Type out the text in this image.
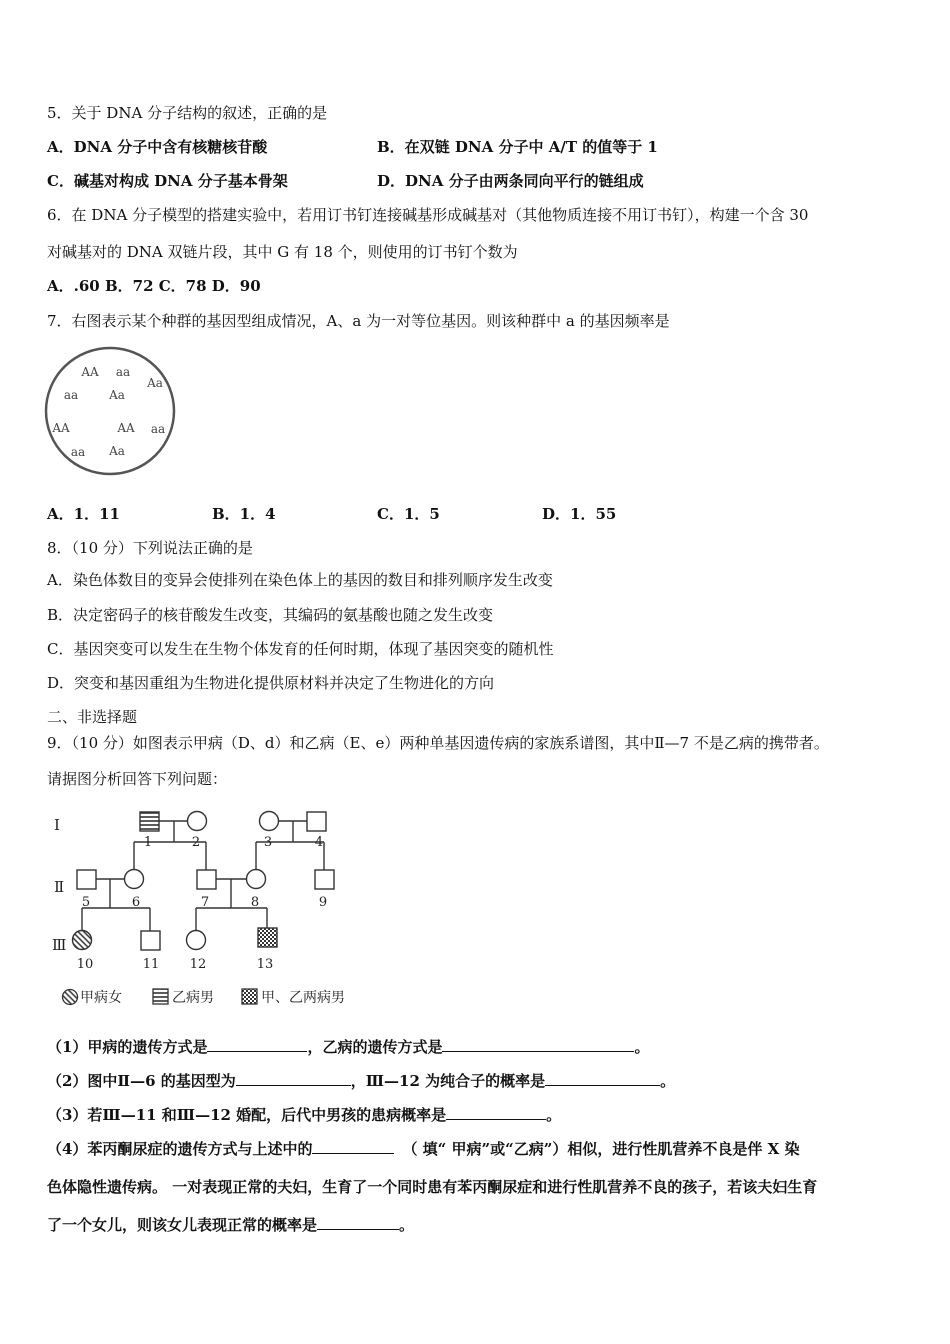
5．关于 DNA 分子结构的叙述，正确的是
A．DNA 分子中含有核糖核苷酸	B．在双链 DNA 分子中 A/T 的值等于 1
C．碱基对构成 DNA 分子基本骨架	D．DNA 分子由两条同向平行的链组成
6．在 DNA 分子模型的搭建实验中，若用订书钉连接碱基形成碱基对（其他物质连接不用订书钉），构建一个含 30
对碱基对的 DNA 双链片段，其中 G 有 18 个，则使用的订书钉个数为
A．.60 B．72 C．78 D．90
7．右图表示某个种群的基因型组成情况，A、a 为一对等位基因。则该种群中 a 的基因频率是
AA aa
Aa
aa	Aa
AA	AA aa
aa Aa
A．1．11	B．1．4	C．1．5	D．1．55
8．（10 分）下列说法正确的是
A．染色体数目的变异会使排列在染色体上的基因的数目和排列顺序发生改变
B．决定密码子的核苷酸发生改变，其编码的氨基酸也随之发生改变
C．基因突变可以发生在生物个体发育的任何时期，体现了基因突变的随机性
D．突变和基因重组为生物进化提供原材料并决定了生物进化的方向
二、非选择题
9．（10 分）如图表示甲病（D、d）和乙病（E、e）两种单基因遗传病的家族系谱图，其中Ⅱ—7 不是乙病的携带者。
请据图分析回答下列问题：
Ⅰ
Ⅱ
Ⅲ
1	2	3	4
5	6	7	8	9
10	11 12	13
甲病女	乙病男	甲、乙两病男
（1）甲病的遗传方式是	，乙病的遗传方式是	。
（2）图中Ⅱ—6 的基因型为	，Ⅲ—12 为纯合子的概率是	。
（3）若Ⅲ—11 和Ⅲ—12 婚配，后代中男孩的患病概率是	。
（4）苯丙酮尿症的遗传方式与上述中的	（ 填“ 甲病”或“乙病”）相似，进行性肌营养不良是伴 X 染
色体隐性遗传病。 一对表现正常的夫妇，生育了一个同时患有苯丙酮尿症和进行性肌营养不良的孩子，若该夫妇生育
了一个女儿，则该女儿表现正常的概率是	。
